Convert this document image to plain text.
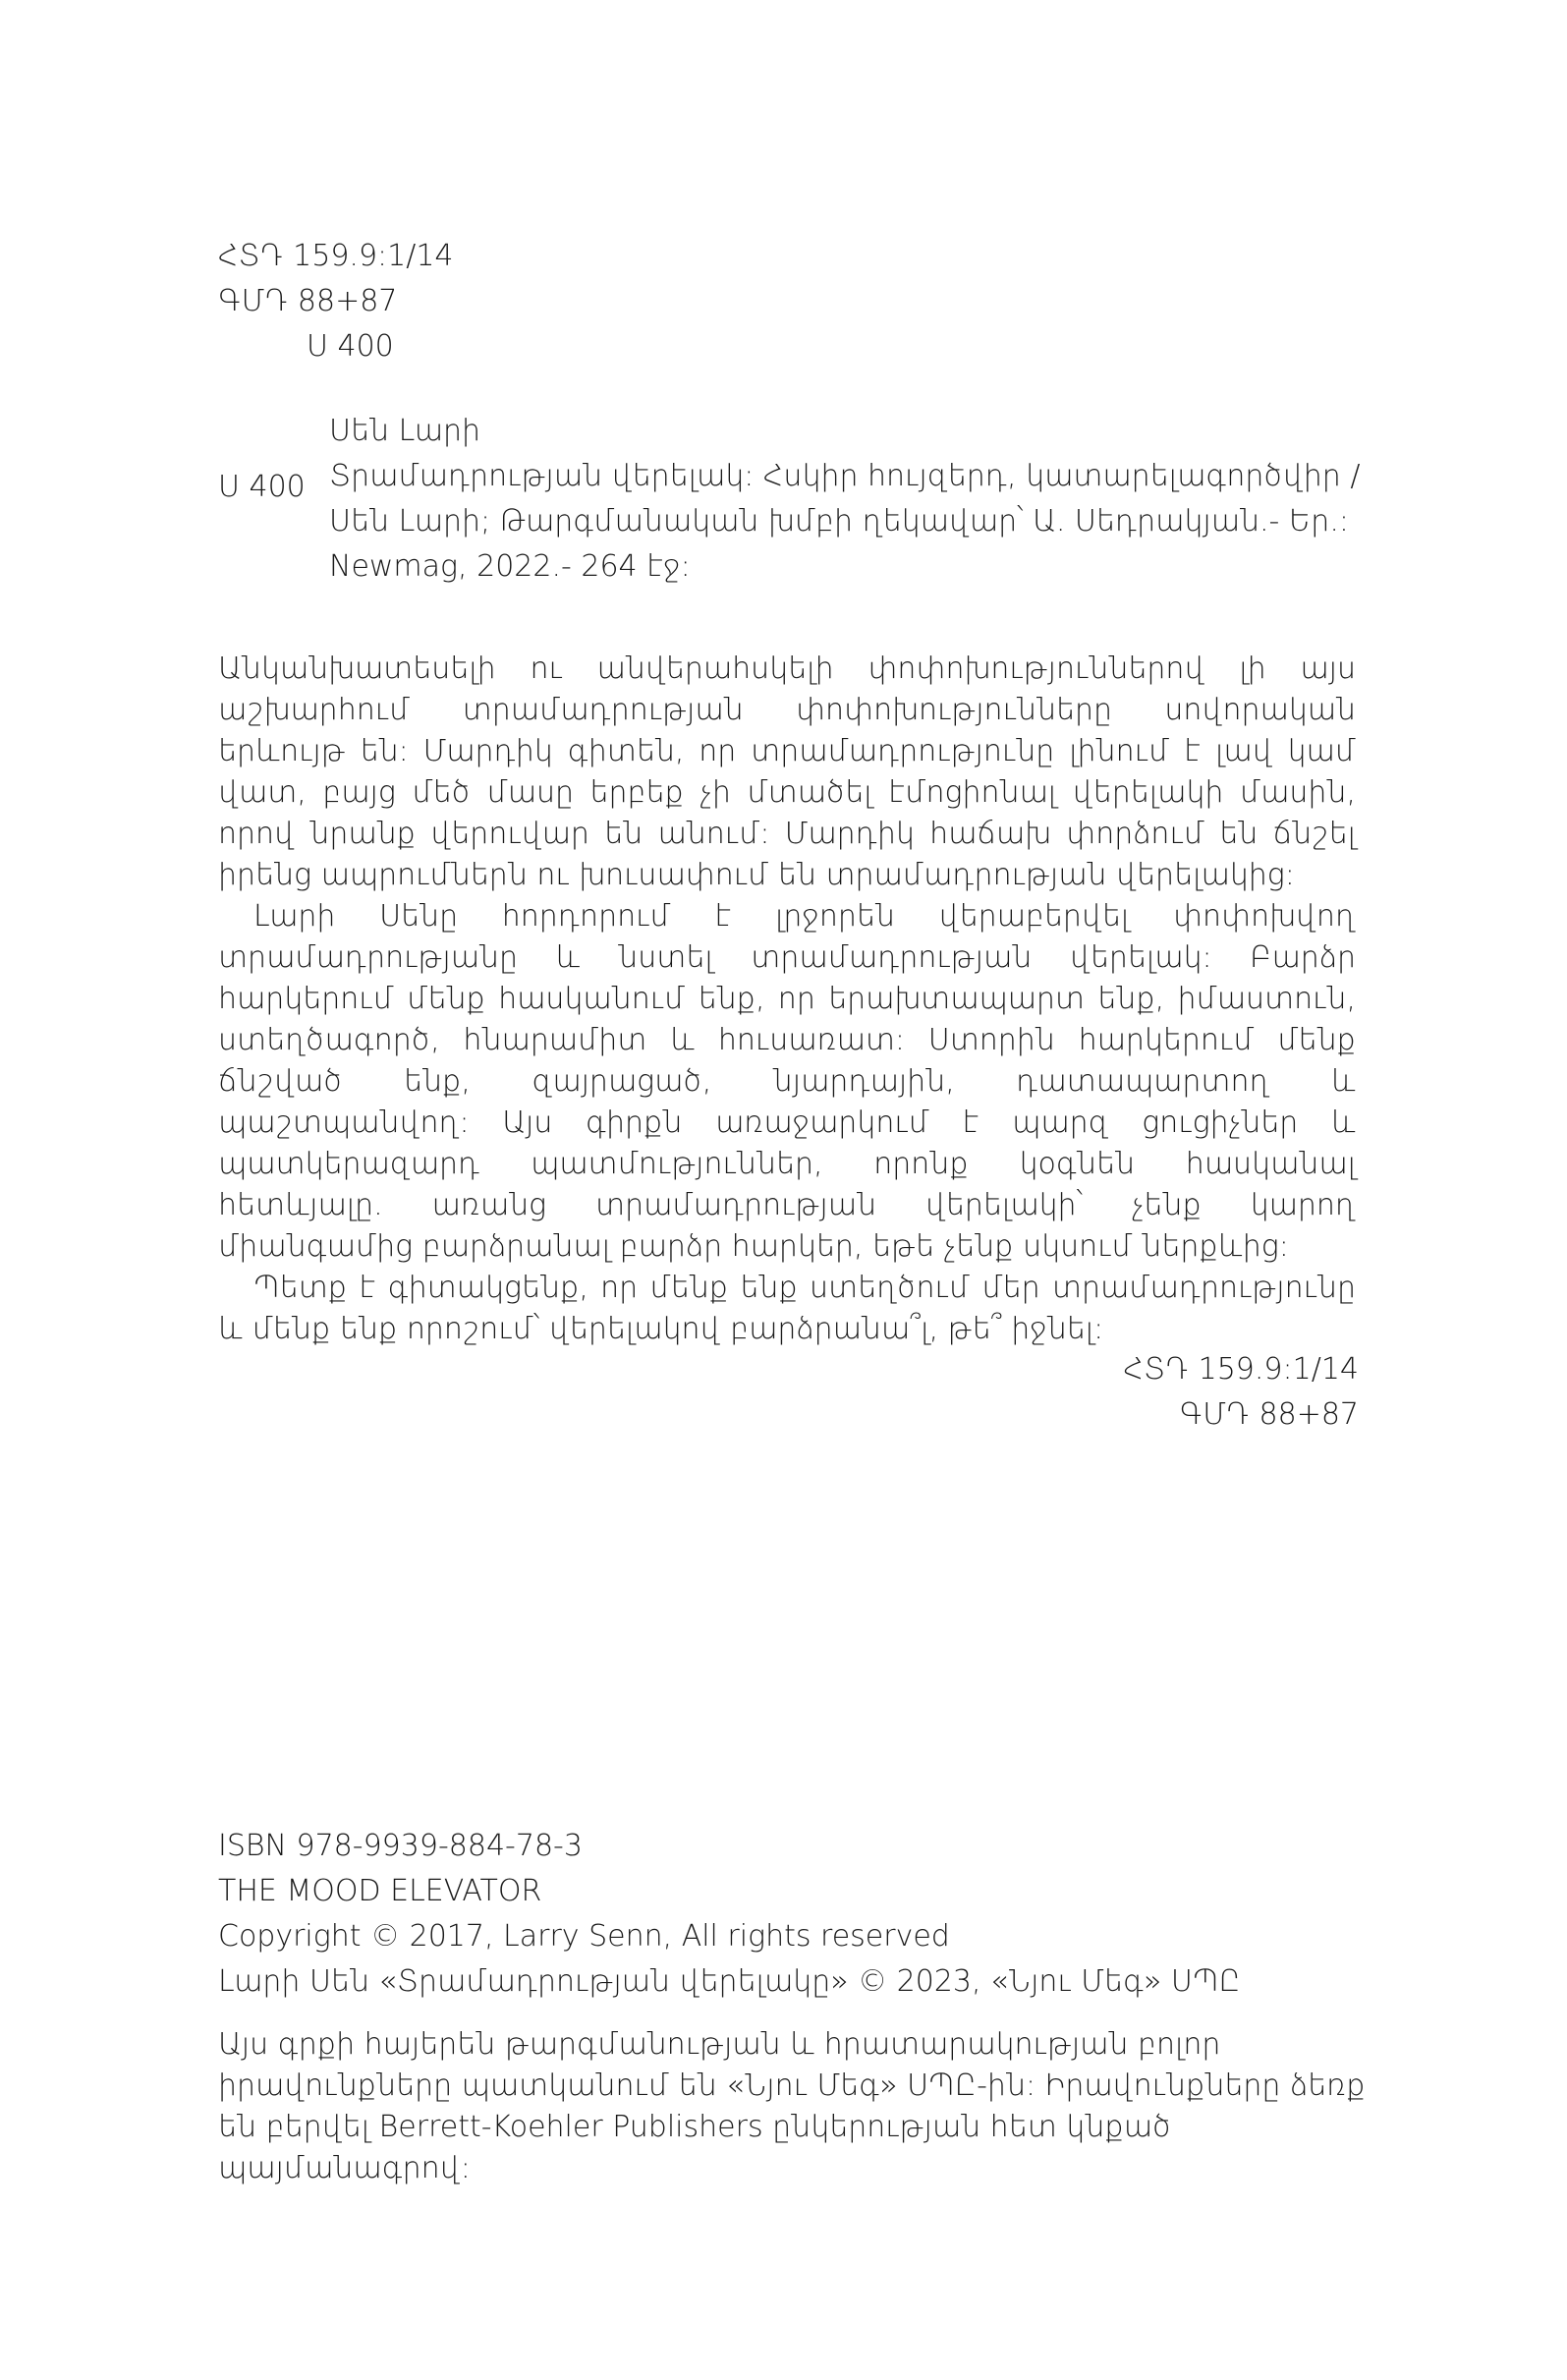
ՀՏԴ 159.9:1/14
ԳՄԴ 88+87
Ս 400
Ս 400
Սեն Լարի
Տրամադրության վերելակ: Հսկիր հույզերդ, կատարելագործվիր / Սեն Լարի; Թարգմանական խմբի ղեկավար՝ Ա. Սեդրակյան.- Եր.: Newmag, 2022.- 264 էջ:

Անկանխատեսելի ու անվերահսկելի փոփոխություններով լի այս աշխարհում տրամադրության փոփոխությունները սովորական երևույթ են: Մարդիկ գիտեն, որ տրամադրությունը լինում է լավ կամ վատ, բայց մեծ մասը երբեք չի մտածել էմոցիոնալ վերելակի մասին, որով նրանք վերուվար են անում: Մարդիկ հաճախ փորձում են ճնշել իրենց ապրումներն ու խուսափում են տրամադրության վերելակից:

Լարի Սենը հորդորում է լրջորեն վերաբերվել փոփոխվող տրամադրությանը և նստել տրամադրության վերելակ: Բարձր հարկերում մենք հասկանում ենք, որ երախտապարտ ենք, իմաստուն, ստեղծագործ, հնարամիտ և հուսառատ: Ստորին հարկերում մենք ճնշված ենք, զայրացած, նյարդային, դատապարտող և պաշտպանվող: Այս գիրքն առաջարկում է պարզ ցուցիչներ և պատկերազարդ պատմություններ, որոնք կօգնեն հասկանալ հետևյալը. առանց տրամադրության վերելակի՝ չենք կարող միանգամից բարձրանալ բարձր հարկեր, եթե չենք սկսում ներքևից:

Պետք է գիտակցենք, որ մենք ենք ստեղծում մեր տրամադրությունը և մենք ենք որոշում՝ վերելակով բարձրանա՞լ, թե՞ իջնել:

ՀՏԴ 159.9:1/14
ԳՄԴ 88+87
ISBN 978-9939-884-78-3
THE MOOD ELEVATOR
Copyright © 2017, Larry Senn, All rights reserved
Լարի Սեն «Տրամադրության վերելակը» © 2023, «Նյու Մեգ» ՍՊԸ

Այս գրքի հայերեն թարգմանության և հրատարակության բոլոր իրավունքները պատկանում են «Նյու Մեգ» ՍՊԸ-ին: Իրավունքները ձեռք են բերվել Berrett-Koehler Publishers ընկերության հետ կնքած պայմանագրով:
